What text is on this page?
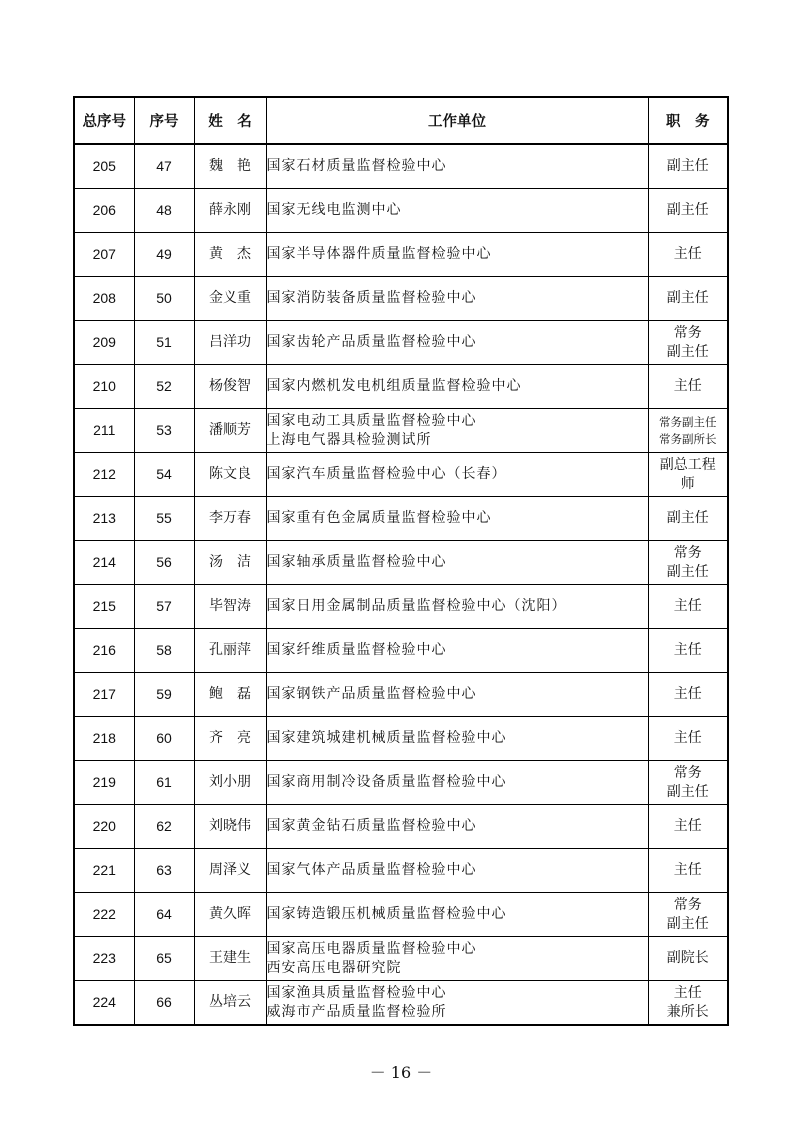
总序号	序号	姓　名	工作单位	职　务
205	47	魏　艳	国家石材质量监督检验中心	副主任
206	48	薛永刚	国家无线电监测中心	副主任
207	49	黄　杰	国家半导体器件质量监督检验中心	主任
208	50	金义重	国家消防装备质量监督检验中心	副主任
209	51	吕洋功	国家齿轮产品质量监督检验中心	常务
副主任
210	52	杨俊智	国家内燃机发电机组质量监督检验中心	主任
211	53	潘顺芳	国家电动工具质量监督检验中心
上海电气器具检验测试所	常务副主任
常务副所长
212	54	陈文良	国家汽车质量监督检验中心（长春）	副总工程
师
213	55	李万春	国家重有色金属质量监督检验中心	副主任
214	56	汤　洁	国家轴承质量监督检验中心	常务
副主任
215	57	毕智涛	国家日用金属制品质量监督检验中心（沈阳）	主任
216	58	孔丽萍	国家纤维质量监督检验中心	主任
217	59	鲍　磊	国家钢铁产品质量监督检验中心	主任
218	60	齐　亮	国家建筑城建机械质量监督检验中心	主任
219	61	刘小朋	国家商用制冷设备质量监督检验中心	常务
副主任
220	62	刘晓伟	国家黄金钻石质量监督检验中心	主任
221	63	周泽义	国家气体产品质量监督检验中心	主任
222	64	黄久晖	国家铸造锻压机械质量监督检验中心	常务
副主任
223	65	王建生	国家高压电器质量监督检验中心
西安高压电器研究院	副院长
224	66	丛培云	国家渔具质量监督检验中心
威海市产品质量监督检验所	主任
兼所长
－ 16 －
